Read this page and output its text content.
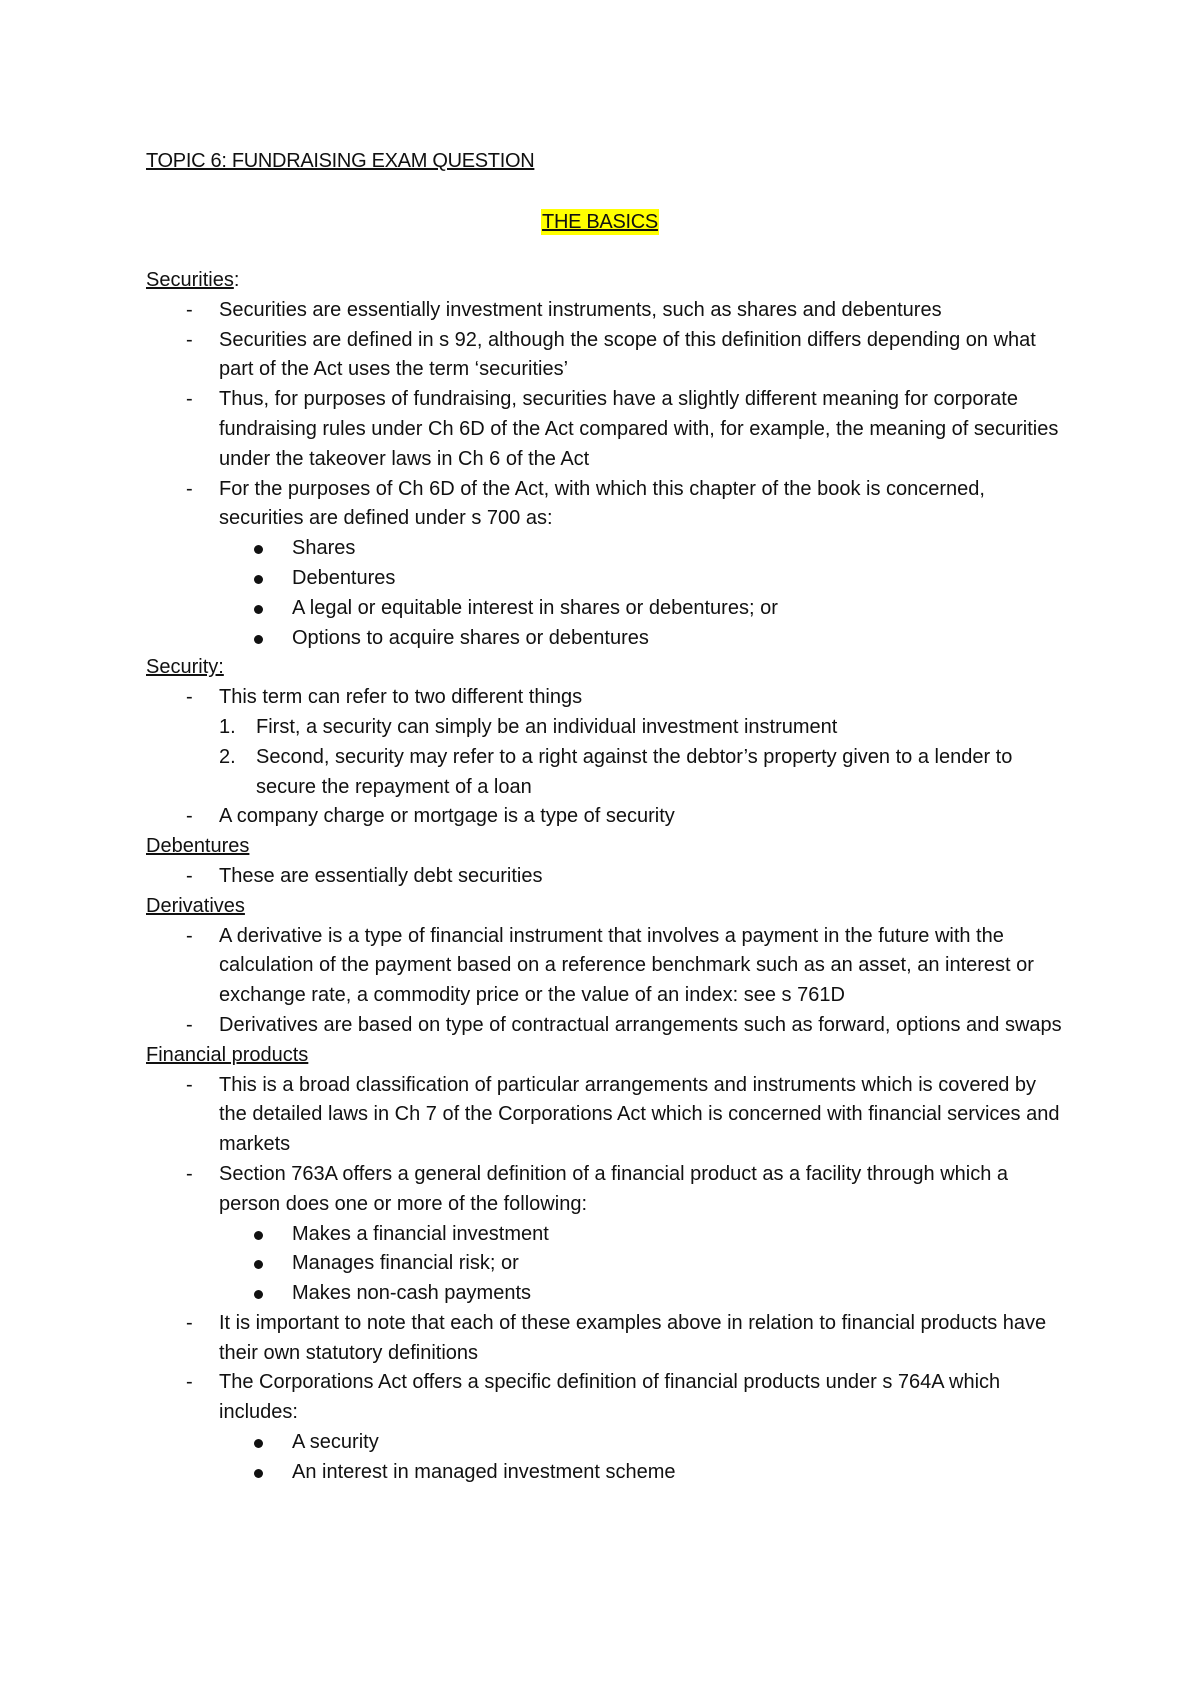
TOPIC 6: FUNDRAISING EXAM QUESTION
THE BASICS
Securities:
- Securities are essentially investment instruments, such as shares and debentures
- Securities are defined in s 92, although the scope of this definition differs depending on what part of the Act uses the term ‘securities’
- Thus, for purposes of fundraising, securities have a slightly different meaning for corporate fundraising rules under Ch 6D of the Act compared with, for example, the meaning of securities under the takeover laws in Ch 6 of the Act
- For the purposes of Ch 6D of the Act, with which this chapter of the book is concerned, securities are defined under s 700 as:
Shares
Debentures
A legal or equitable interest in shares or debentures; or
Options to acquire shares or debentures
Security:
- This term can refer to two different things
1. First, a security can simply be an individual investment instrument
2. Second, security may refer to a right against the debtor’s property given to a lender to secure the repayment of a loan
- A company charge or mortgage is a type of security
Debentures
- These are essentially debt securities
Derivatives
- A derivative is a type of financial instrument that involves a payment in the future with the calculation of the payment based on a reference benchmark such as an asset, an interest or exchange rate, a commodity price or the value of an index: see s 761D
- Derivatives are based on type of contractual arrangements such as forward, options and swaps
Financial products
- This is a broad classification of particular arrangements and instruments which is covered by the detailed laws in Ch 7 of the Corporations Act which is concerned with financial services and markets
- Section 763A offers a general definition of a financial product as a facility through which a person does one or more of the following:
Makes a financial investment
Manages financial risk; or
Makes non-cash payments
- It is important to note that each of these examples above in relation to financial products have their own statutory definitions
- The Corporations Act offers a specific definition of financial products under s 764A which includes:
A security
An interest in managed investment scheme
